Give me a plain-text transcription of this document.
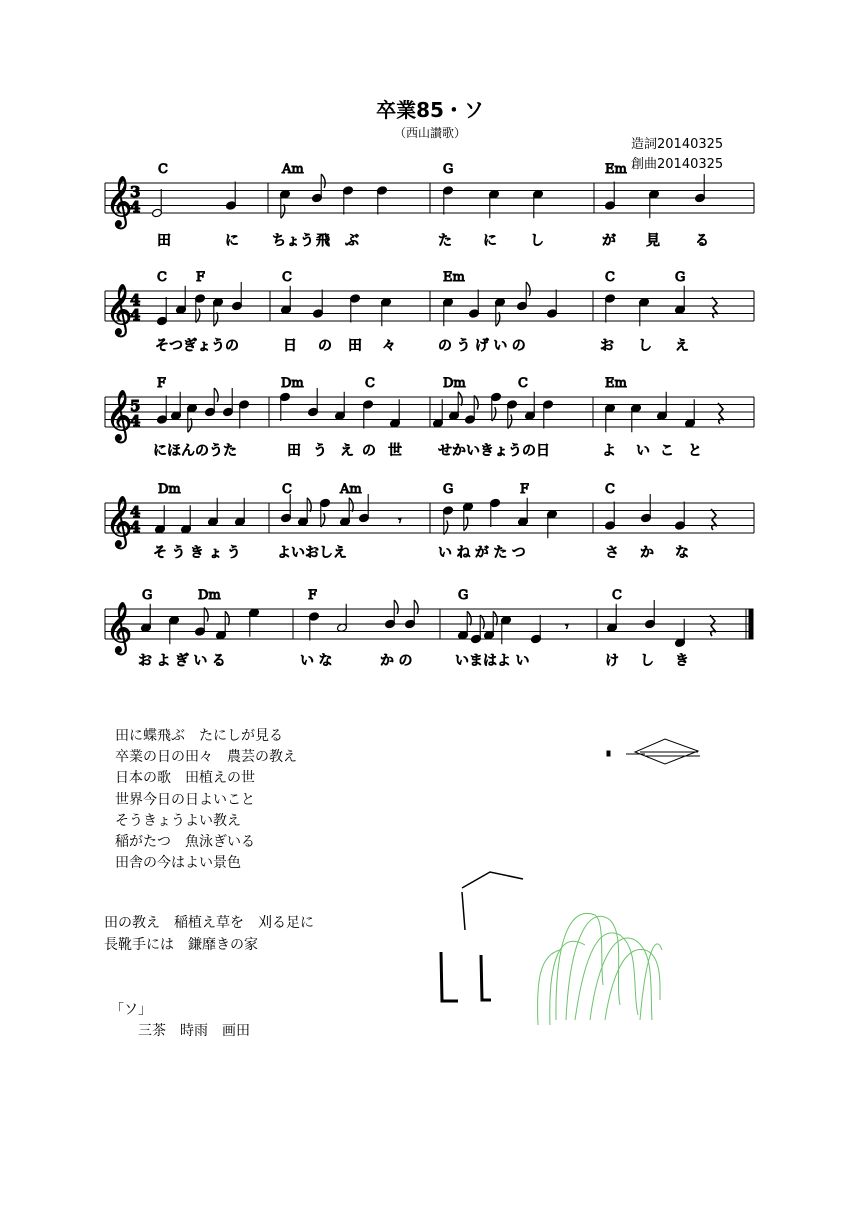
卒業85・ソ
（西山讃歌）
造詞20140325
創曲20140325
𝄞
3
4
C	Am	G	Em
田	に ちょう 飛 ぶ	た に し	が 見	る
𝄞
4
4
C F	C	Em	C	G
そつぎょうの	日 の 田 々	の う げ い の	お し え
𝄞
5
4
F	Dm	C	Dm	C	Em
にほんのうた	田 う え の 世	せかいきょうの日	よ い こ と
𝄞
4
4
Dm	C	Am	G	F	C
そ う き ょ う	よいおしえ	い ね が た つ	さ か な
𝄾
𝄞
G	Dm	F	G	C
お よ ぎ い る	い な	か の	いまはよ い	け し き
𝄾
田に蝶飛ぶ　たにしが見る
卒業の日の田々　農芸の教え
日本の歌　田植えの世
世界今日の日よいこと
そうきょうよい教え
稲がたつ　魚泳ぎいる
田舎の今はよい景色
田の教え　稲植え草を　刈る足に
長靴手には　鎌靡きの家
「ソ」
　　三茶　時雨　画田
